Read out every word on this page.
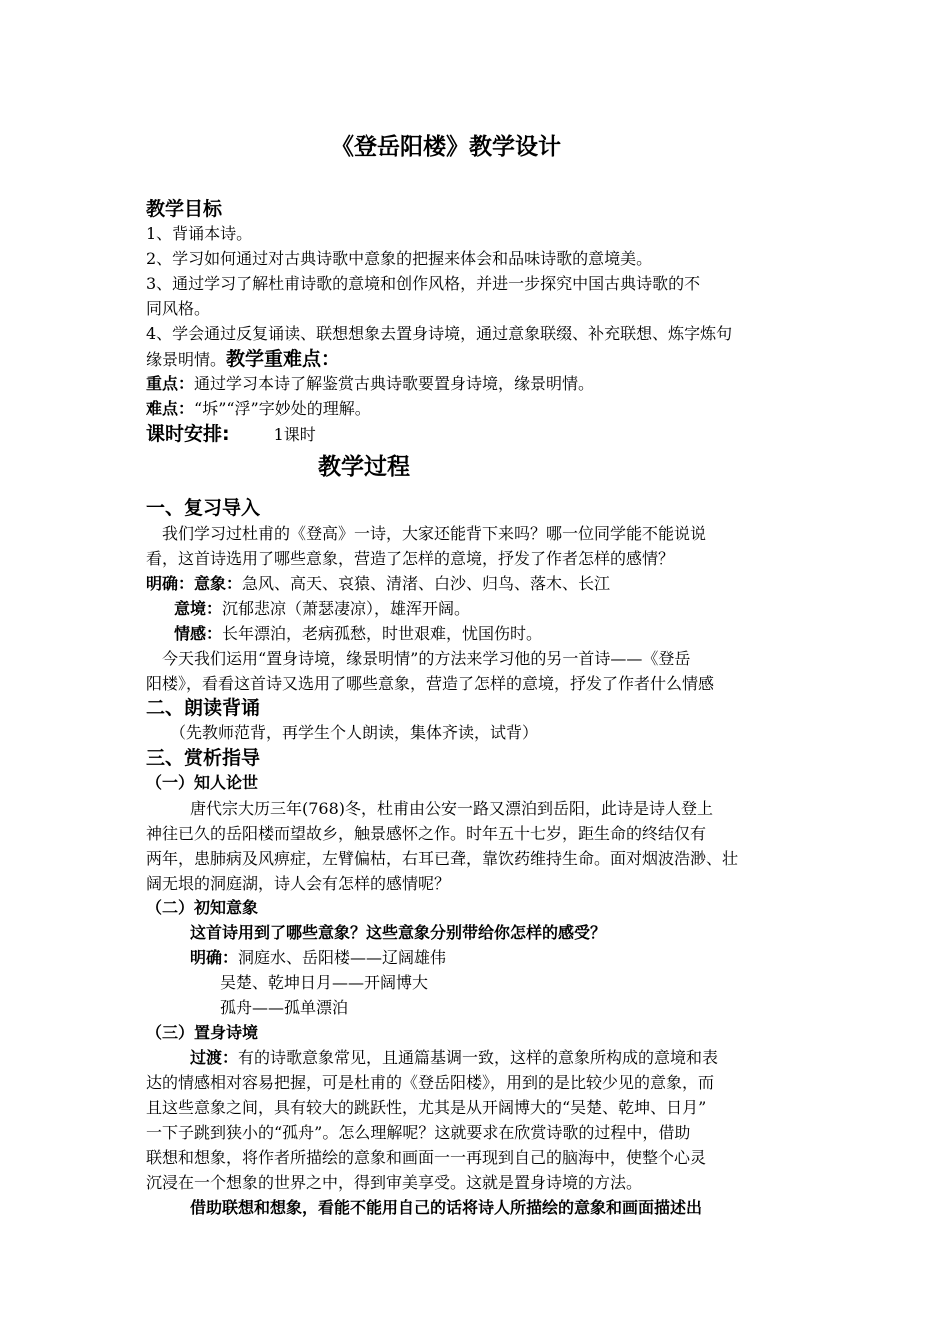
《登岳阳楼》教学设计
教学目标
1、背诵本诗。
2、学习如何通过对古典诗歌中意象的把握来体会和品味诗歌的意境美。
3、通过学习了解杜甫诗歌的意境和创作风格，并进一步探究中国古典诗歌的不
同风格。
4、学会通过反复诵读、联想想象去置身诗境，通过意象联缀、补充联想、炼字炼句
缘景明情。教学重难点：
重点：通过学习本诗了解鉴赏古典诗歌要置身诗境，缘景明情。
难点：“坼”“浮”字妙处的理解。
课时安排:	1课时
教学过程
一、复习导入
我们学习过杜甫的《登高》一诗，大家还能背下来吗？哪一位同学能不能说说
看，这首诗选用了哪些意象，营造了怎样的意境，抒发了作者怎样的感情？
明确：意象：急风、高天、哀猿、清渚、白沙、归鸟、落木、长江
意境：沉郁悲凉（萧瑟凄凉），雄浑开阔。
情感：长年漂泊，老病孤愁，时世艰难，忧国伤时。
今天我们运用“置身诗境，缘景明情”的方法来学习他的另一首诗——《登岳
阳楼》，看看这首诗又选用了哪些意象，营造了怎样的意境，抒发了作者什么情感
二、朗读背诵
（先教师范背，再学生个人朗读，集体齐读，试背）
三、赏析指导
（一）知人论世
唐代宗大历三年(768)冬，杜甫由公安一路又漂泊到岳阳，此诗是诗人登上
神往已久的岳阳楼而望故乡，触景感怀之作。时年五十七岁，距生命的终结仅有
两年，患肺病及风痹症，左臂偏枯，右耳已聋，靠饮药维持生命。面对烟波浩渺、壮
阔无垠的洞庭湖，诗人会有怎样的感情呢？
（二）初知意象
这首诗用到了哪些意象？这些意象分别带给你怎样的感受？
明确：洞庭水、岳阳楼——辽阔雄伟
吴楚、乾坤日月——开阔博大
孤舟——孤单漂泊
（三）置身诗境
过渡：有的诗歌意象常见，且通篇基调一致，这样的意象所构成的意境和表
达的情感相对容易把握，可是杜甫的《登岳阳楼》，用到的是比较少见的意象，而
且这些意象之间，具有较大的跳跃性，尤其是从开阔博大的“吴楚、乾坤、日月”
一下子跳到狭小的“孤舟”。怎么理解呢？这就要求在欣赏诗歌的过程中，借助
联想和想象，将作者所描绘的意象和画面一一再现到自己的脑海中，使整个心灵
沉浸在一个想象的世界之中，得到审美享受。这就是置身诗境的方法。
借助联想和想象，看能不能用自己的话将诗人所描绘的意象和画面描述出
